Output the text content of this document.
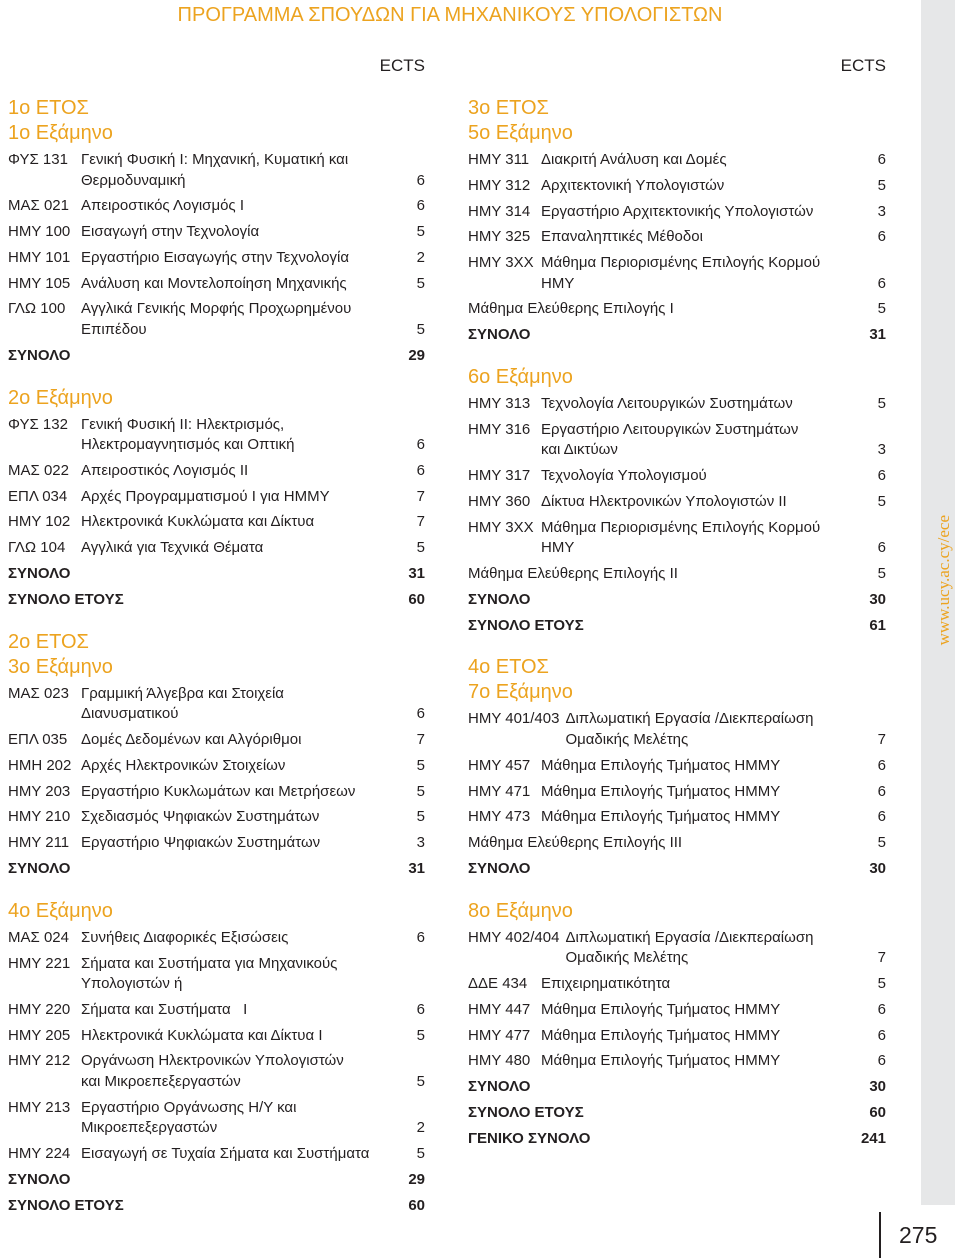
ΠΡΟΓΡΑΜΜΑ ΣΠΟΥΔΩΝ ΓΙΑ ΜΗΧΑΝΙΚΟΥΣ ΥΠΟΛΟΓΙΣΤΩΝ
www.ucy.ac.cy/ece
ECTS
1ο ΕΤΟΣ
1ο Εξάμηνο
ΦΥΣ 131 Γενική Φυσική I: Μηχανική, Κυματική και
Θερμοδυναμική	6
ΜΑΣ 021 Απειροστικός Λογισμός I	6
ΗΜΥ 100 Εισαγωγή στην Τεχνολογία	5
ΗΜΥ 101 Εργαστήριο Εισαγωγής στην Τεχνολογία	2
ΗΜΥ 105 Ανάλυση και Μοντελοποίηση Μηχανικής	5
ΓΛΩ 100	Αγγλικά Γενικής Μορφής Προχωρημένου
Επιπέδου	5
ΣΥΝΟΛΟ	29
2ο Εξάμηνο
ΦΥΣ 132 Γενική Φυσική II: Ηλεκτρισμός,
Ηλεκτρομαγνητισμός και Οπτική	6
ΜΑΣ 022 Απειροστικός Λογισμός II	6
ΕΠΛ 034 Αρχές Προγραμματισμού I για ΗΜΜΥ	7
ΗΜΥ 102 Ηλεκτρονικά Κυκλώματα και Δίκτυα	7
ΓΛΩ 104	Αγγλικά για Τεχνικά Θέματα	5
ΣΥΝΟΛΟ	31
ΣΥΝΟΛΟ ΕΤΟΥΣ	60
2ο ΕΤΟΣ
3ο Εξάμηνο
ΜΑΣ 023 Γραμμική Άλγεβρα και Στοιχεία
Διανυσματικού	6
ΕΠΛ 035 Δομές Δεδομένων και Αλγόριθμοι	7
ΗΜΗ 202 Αρχές Ηλεκτρονικών Στοιχείων	5
ΗΜΥ 203 Εργαστήριο Κυκλωμάτων και Μετρήσεων	5
ΗΜΥ 210 Σχεδιασμός Ψηφιακών Συστημάτων	5
ΗΜΥ 211 Εργαστήριο Ψηφιακών Συστημάτων	3
ΣΥΝΟΛΟ	31
4ο Εξάμηνο
ΜΑΣ 024 Συνήθεις Διαφορικές Εξισώσεις	6
ΗΜΥ 221 Σήματα και Συστήματα για Μηχανικούς
Υπολογιστών ή
ΗΜΥ 220 Σήματα και Συστήματα   I	6
ΗΜΥ 205 Ηλεκτρονικά Κυκλώματα και Δίκτυα I	5
ΗΜΥ 212 Οργάνωση Ηλεκτρονικών Υπολογιστών
και Μικροεπεξεργαστών	5
ΗΜΥ 213 Εργαστήριο Οργάνωσης Η/Υ και
Μικροεπεξεργαστών	2
ΗΜΥ 224 Εισαγωγή σε Τυχαία Σήματα και Συστήματα	5
ΣΥΝΟΛΟ	29
ΣΥΝΟΛΟ ΕΤΟΥΣ	60
ECTS
3ο ΕΤΟΣ
5ο Εξάμηνο
ΗΜΥ 311 Διακριτή Ανάλυση και Δομές	6
ΗΜΥ 312 Αρχιτεκτονική Υπολογιστών	5
ΗΜΥ 314 Εργαστήριο Αρχιτεκτονικής Υπολογιστών	3
ΗΜΥ 325 Επαναληπτικές Μέθοδοι	6
ΗΜΥ 3XX Μάθημα Περιορισμένης Επιλογής Κορμού
ΗΜΥ	6
Μάθημα Ελεύθερης Επιλογής I	5
ΣΥΝΟΛΟ	31
6ο Εξάμηνο
ΗΜΥ 313 Τεχνολογία Λειτουργικών Συστημάτων	5
ΗΜΥ 316 Εργαστήριο Λειτουργικών Συστημάτων
και Δικτύων	3
ΗΜΥ 317 Τεχνολογία Υπολογισμού	6
ΗΜΥ 360 Δίκτυα Ηλεκτρονικών Υπολογιστών II	5
ΗΜΥ 3XX Μάθημα Περιορισμένης Επιλογής Κορμού
ΗΜΥ	6
Μάθημα Ελεύθερης Επιλογής II	5
ΣΥΝΟΛΟ	30
ΣΥΝΟΛΟ ΕΤΟΥΣ	61
4ο ΕΤΟΣ
7ο Εξάμηνο
ΗΜΥ 401/403 Διπλωματική Εργασία /Διεκπεραίωση
Ομαδικής Μελέτης	7
ΗΜΥ 457 Μάθημα Επιλογής Τμήματος ΗΜΜΥ	6
ΗΜΥ 471 Μάθημα Επιλογής Τμήματος ΗΜΜΥ	6
ΗΜΥ 473 Μάθημα Επιλογής Τμήματος ΗΜΜΥ	6
Μάθημα Ελεύθερης Επιλογής III	5
ΣΥΝΟΛΟ	30
8ο Εξάμηνο
ΗΜΥ 402/404 Διπλωματική Εργασία /Διεκπεραίωση
Ομαδικής Μελέτης	7
ΔΔΕ 434 Επιχειρηματικότητα	5
ΗΜΥ 447 Μάθημα Επιλογής Τμήματος ΗΜΜΥ	6
ΗΜΥ 477 Μάθημα Επιλογής Τμήματος ΗΜΜΥ	6
ΗΜΥ 480 Μάθημα Επιλογής Τμήματος ΗΜΜΥ	6
ΣΥΝΟΛΟ	30
ΣΥΝΟΛΟ ΕΤΟΥΣ	60
ΓΕΝΙΚΟ ΣΥΝΟΛΟ	241
275
